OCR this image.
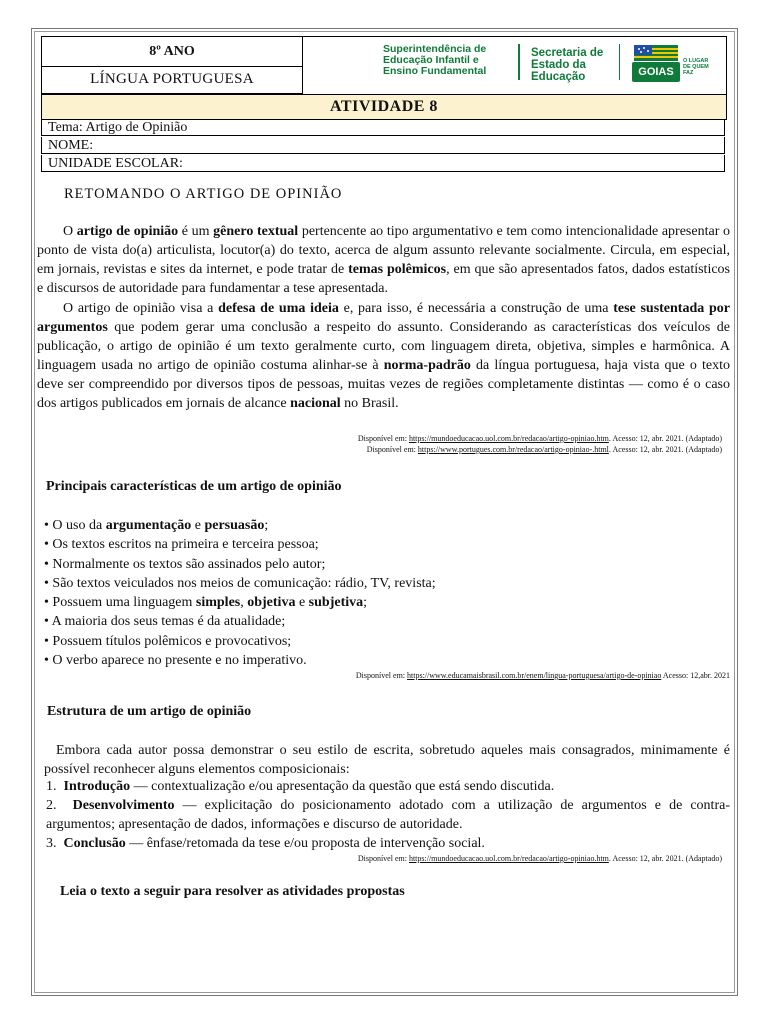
8º ANO
LÍNGUA PORTUGUESA
Superintendência de
Educação Infantil e
Ensino Fundamental
Secretaria de
Estado da
Educação	GOIAS
O LUGAR
DE QUEM
FAZ
ATIVIDADE 8
Tema: Artigo de Opinião
NOME:
UNIDADE ESCOLAR:
RETOMANDO O ARTIGO DE OPINIÃO
O artigo de opinião é um gênero textual pertencente ao tipo argumentativo e tem como intencionalidade apresentar o ponto de vista do(a) articulista, locutor(a) do texto, acerca de algum assunto relevante socialmente. Circula, em especial, em jornais, revistas e sites da internet, e pode tratar de temas polêmicos, em que são apresentados fatos, dados estatísticos e discursos de autoridade para fundamentar a tese apresentada.
O artigo de opinião visa a defesa de uma ideia e, para isso, é necessária a construção de uma tese sustentada por argumentos que podem gerar uma conclusão a respeito do assunto. Considerando as características dos veículos de publicação, o artigo de opinião é um texto geralmente curto, com linguagem direta, objetiva, simples e harmônica. A linguagem usada no artigo de opinião costuma alinhar-se à norma-padrão da língua portuguesa, haja vista que o texto deve ser compreendido por diversos tipos de pessoas, muitas vezes de regiões completamente distintas — como é o caso dos artigos publicados em jornais de alcance nacional no Brasil.
Disponível em: https://mundoeducacao.uol.com.br/redacao/artigo-opiniao.htm. Acesso: 12, abr. 2021. (Adaptado)
Disponível em: https://www.portugues.com.br/redacao/artigo-opiniao-.html. Acesso: 12, abr. 2021. (Adaptado)
Principais características de um artigo de opinião
• O uso da argumentação e persuasão;
• Os textos escritos na primeira e terceira pessoa;
• Normalmente os textos são assinados pelo autor;
• São textos veiculados nos meios de comunicação: rádio, TV, revista;
• Possuem uma linguagem simples, objetiva e subjetiva;
• A maioria dos seus temas é da atualidade;
• Possuem títulos polêmicos e provocativos;
• O verbo aparece no presente e no imperativo.
Disponível em: https://www.educamaisbrasil.com.br/enem/lingua-portuguesa/artigo-de-opiniao Acesso: 12,abr. 2021
Estrutura de um artigo de opinião
Embora cada autor possa demonstrar o seu estilo de escrita, sobretudo aqueles mais consagrados, minimamente é possível reconhecer alguns elementos composicionais:
1. Introdução — contextualização e/ou apresentação da questão que está sendo discutida.
2. Desenvolvimento — explicitação do posicionamento adotado com a utilização de argumentos e de contra-argumentos; apresentação de dados, informações e discurso de autoridade.
3. Conclusão — ênfase/retomada da tese e/ou proposta de intervenção social.
Disponível em: https://mundoeducacao.uol.com.br/redacao/artigo-opiniao.htm. Acesso: 12, abr. 2021. (Adaptado)
Leia o texto a seguir para resolver as atividades propostas
